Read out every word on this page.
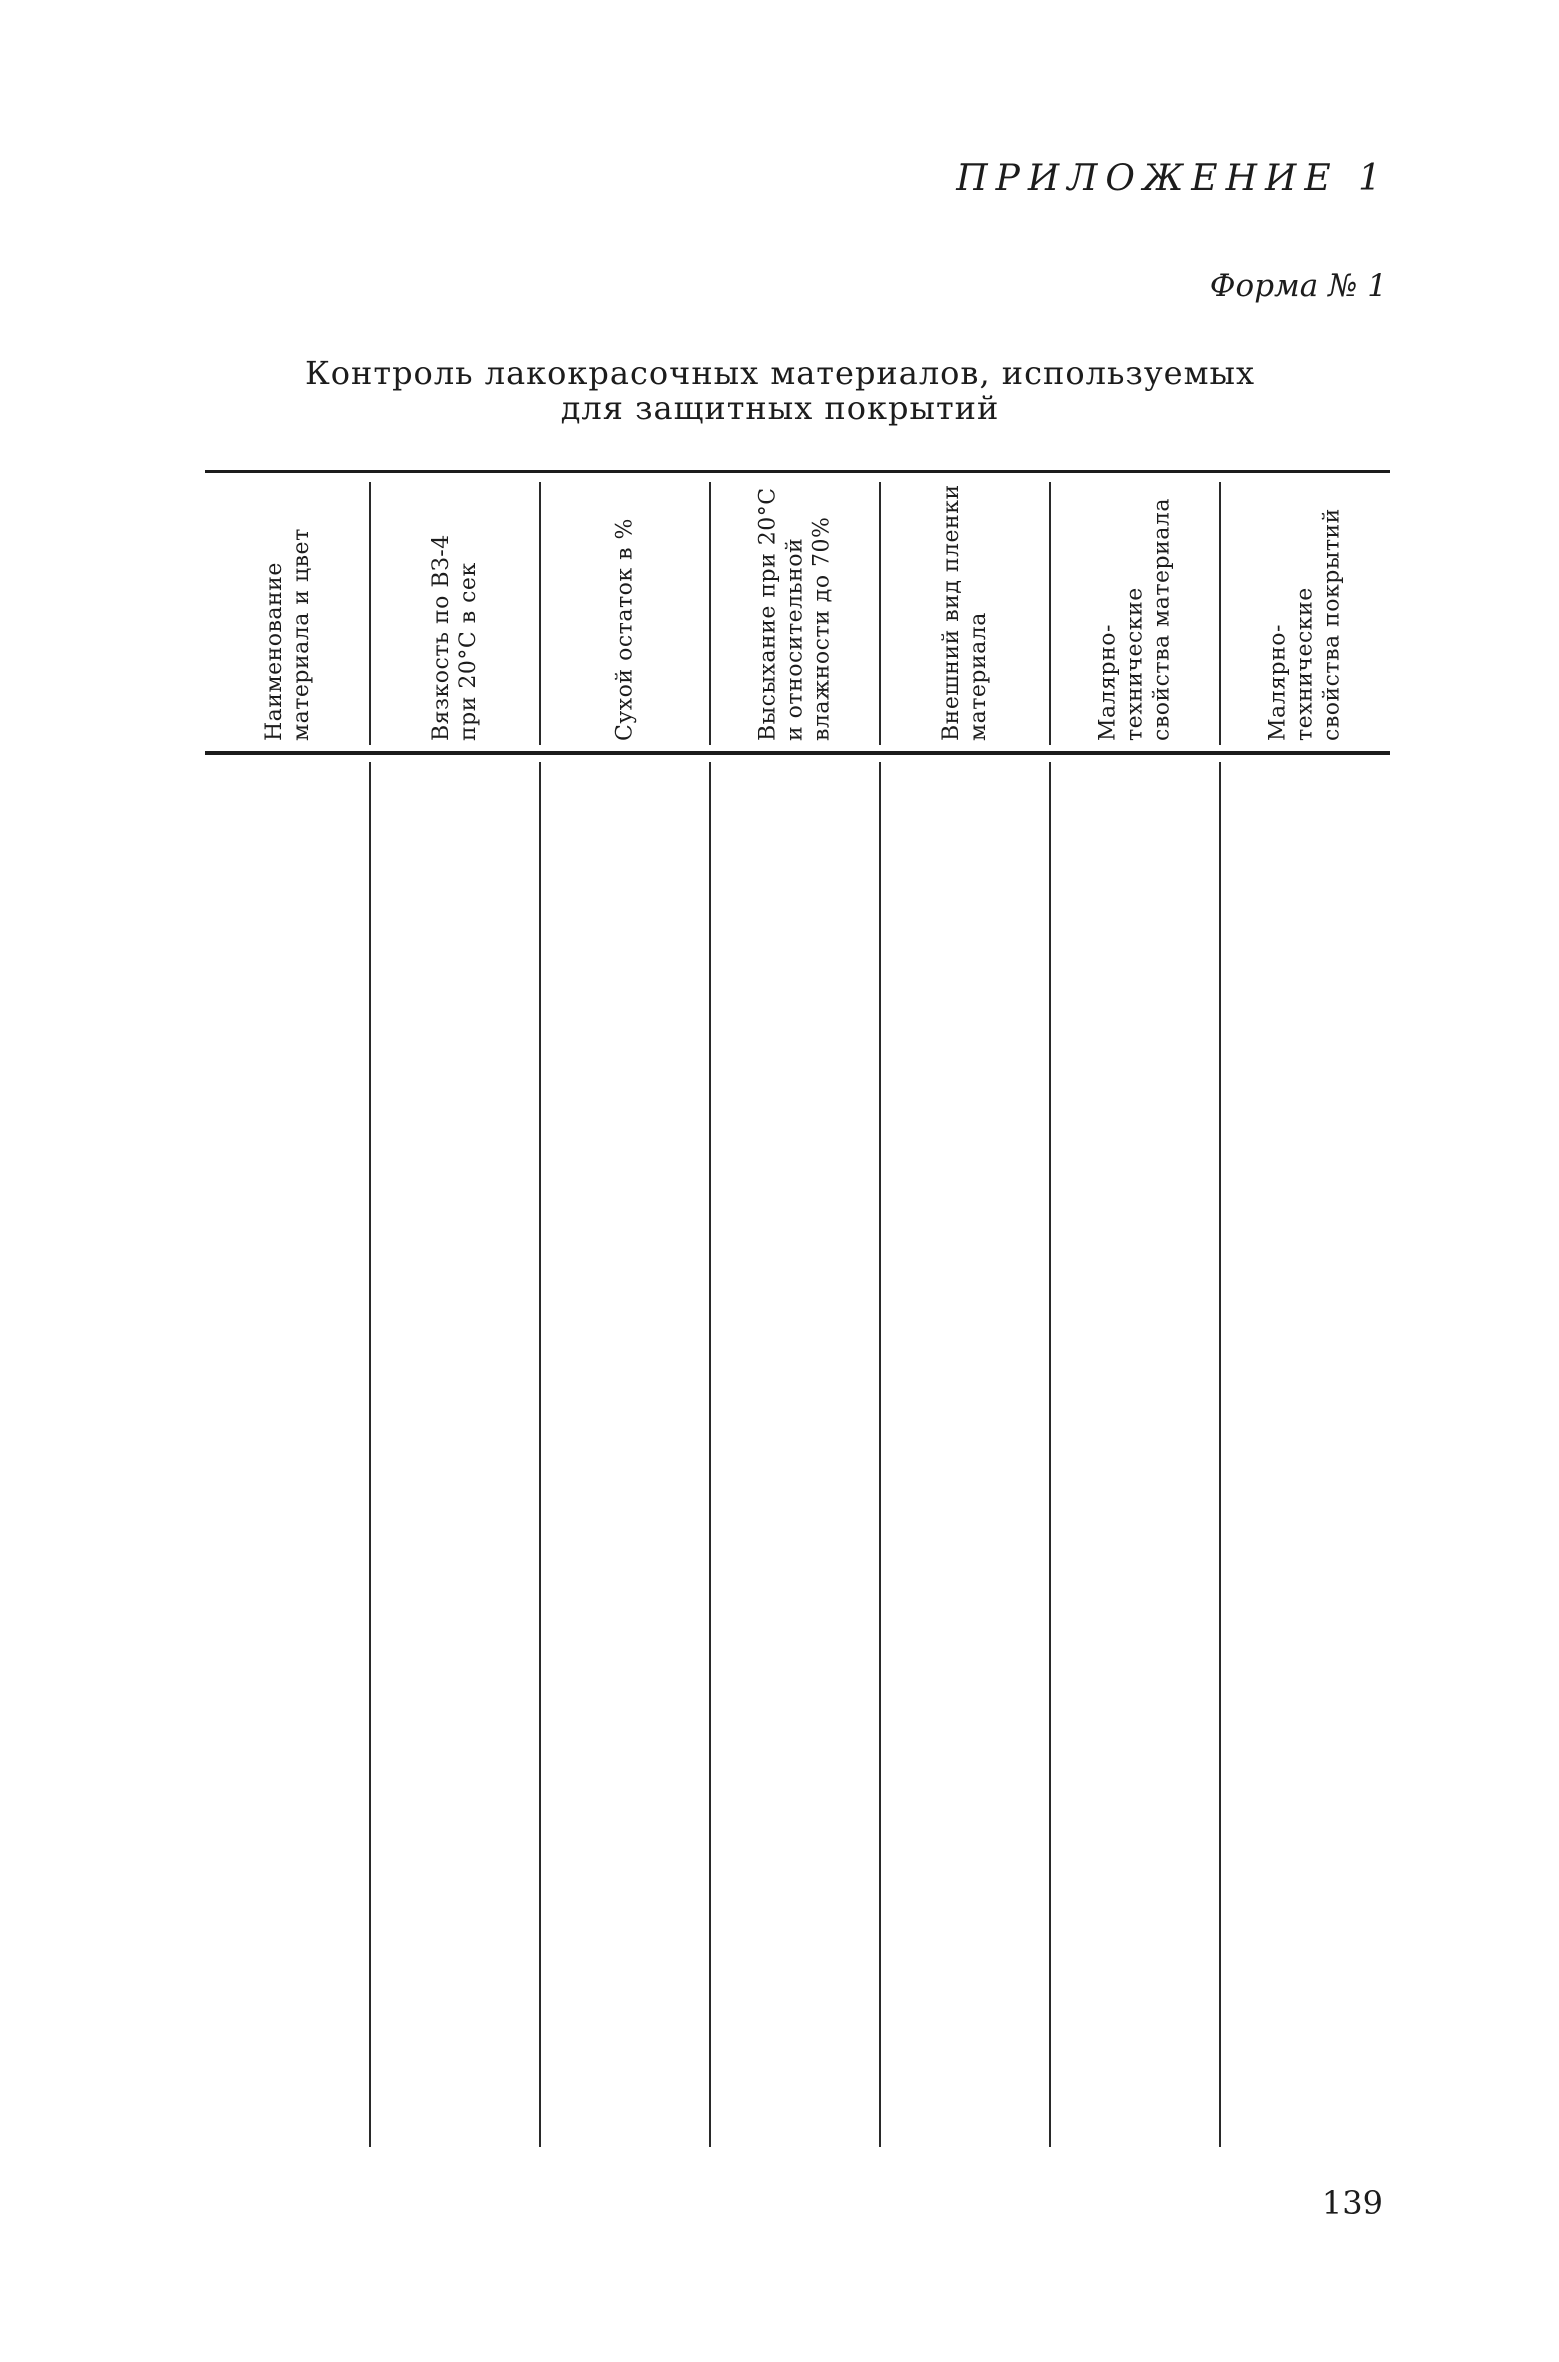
ПРИЛОЖЕНИЕ 1
Форма № 1
Контроль лакокрасочных материалов, используемых
для защитных покрытий
Наименование материала и цвет	Вязкость по ВЗ-4 при 20°С в сек	Сухой остаток в %	Высыхание при 20°С и относительной влажности до 70%	Внешний вид пленки материала	Малярно-технические свойства материала	Малярно-технические свойства покрытий
139
